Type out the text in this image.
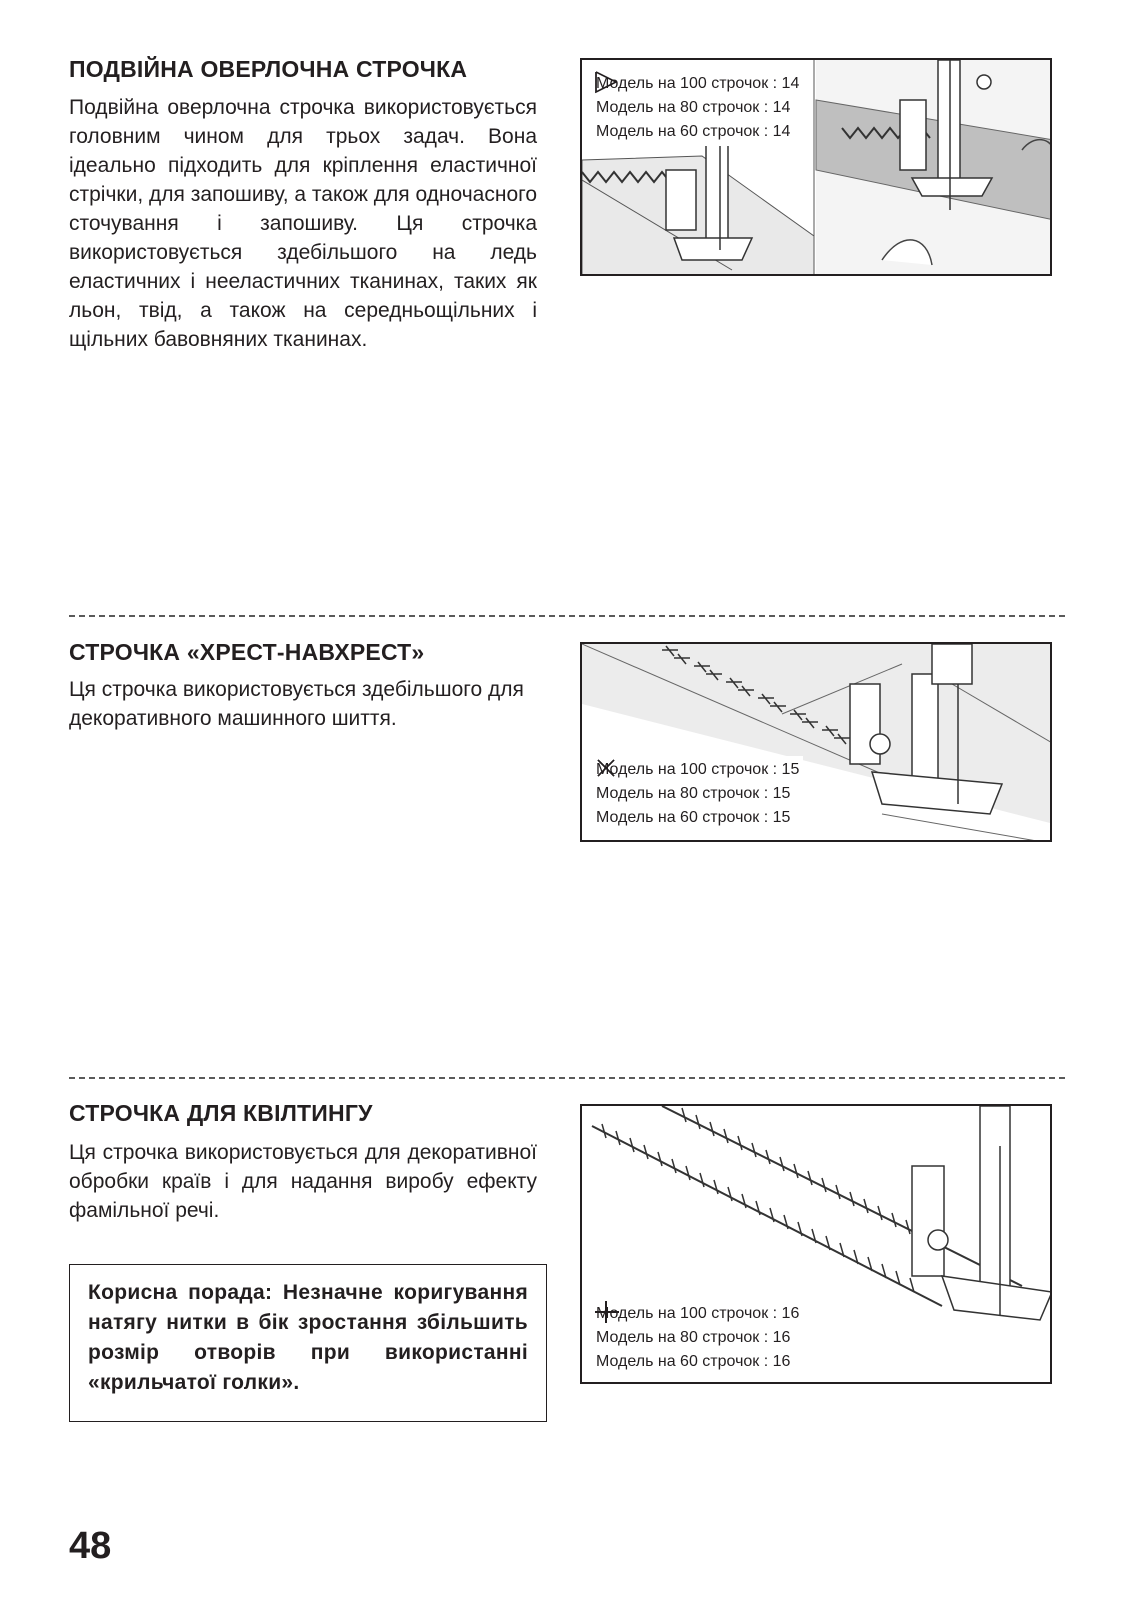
ПОДВІЙНА ОВЕРЛОЧНА СТРОЧКА

Подвійна оверлочна строчка використовується головним чином для трьох задач. Вона ідеально підходить для кріплення еластичної стрічки, для запошиву, а також для одночасного сточування і запошиву. Ця строчка використовується здебільшого на ледь еластичних і нееластичних тканинах, таких як льон, твід, а також на середньощільних і щільних бавовняних тканинах.

Модель на 100 строчок : 14
Модель на 80 строчок : 14
Модель на 60 строчок : 14
СТРОЧКА «ХРЕСТ-НАВХРЕСТ»

Ця строчка використовується здебільшого для декоративного машинного шиття.

Модель на 100 строчок : 15
Модель на 80 строчок : 15
Модель на 60 строчок : 15
СТРОЧКА ДЛЯ КВІЛТИНГУ

Ця строчка використовується для декоративної обробки країв і для надання виробу ефекту фамільної речі.

Модель на 100 строчок : 16
Модель на 80 строчок : 16
Модель на 60 строчок : 16

Корисна порада: Незначне коригування натягу нитки в бік зростання збільшить розмір отворів при використанні «крильчатої голки».

48
